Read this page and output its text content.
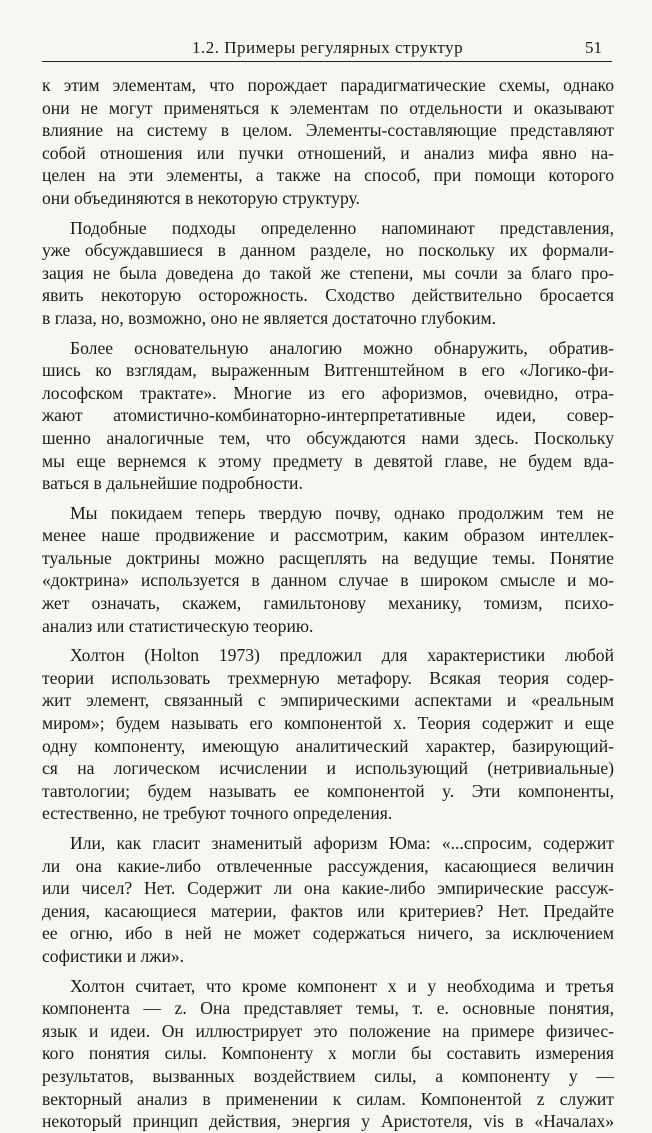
1.2. Примеры регулярных структур	51
к этим элементам, что порождает парадигматические схемы, однако
они не могут применяться к элементам по отдельности и оказывают
влияние на систему в целом. Элементы-составляющие представляют
собой отношения или пучки отношений, и анализ мифа явно на-
целен на эти элементы, а также на способ, при помощи которого
они объединяются в некоторую структуру.
Подобные подходы определенно напоминают представления,
уже обсуждавшиеся в данном разделе, но поскольку их формали-
зация не была доведена до такой же степени, мы сочли за благо про-
явить некоторую осторожность. Сходство действительно бросается
в глаза, но, возможно, оно не является достаточно глубоким.
Более основательную аналогию можно обнаружить, обратив-
шись ко взглядам, выраженным Витгенштейном в его «Логико-фи-
лософском трактате». Многие из его афоризмов, очевидно, отра-
жают атомистично-комбинаторно-интерпретативные идеи, совер-
шенно аналогичные тем, что обсуждаются нами здесь. Поскольку
мы еще вернемся к этому предмету в девятой главе, не будем вда-
ваться в дальнейшие подробности.
Мы покидаем теперь твердую почву, однако продолжим тем не
менее наше продвижение и рассмотрим, каким образом интеллек-
туальные доктрины можно расщеплять на ведущие темы. Понятие
«доктрина» используется в данном случае в широком смысле и мо-
жет означать, скажем, гамильтонову механику, томизм, психо-
анализ или статистическую теорию.
Холтон (Holton 1973) предложил для характеристики любой
теории использовать трехмерную метафору. Всякая теория содер-
жит элемент, связанный с эмпирическими аспектами и «реальным
миром»; будем называть его компонентой x. Теория содержит и еще
одну компоненту, имеющую аналитический характер, базирующий-
ся на логическом исчислении и использующий (нетривиальные)
тавтологии; будем называть ее компонентой y. Эти компоненты,
естественно, не требуют точного определения.
Или, как гласит знаменитый афоризм Юма: «...спросим, содержит
ли она какие-либо отвлеченные рассуждения, касающиеся величин
или чисел? Нет. Содержит ли она какие-либо эмпирические рассуж-
дения, касающиеся материи, фактов или критериев? Нет. Предайте
ее огню, ибо в ней не может содержаться ничего, за исключением
софистики и лжи».
Холтон считает, что кроме компонент x и y необходима и третья
компонента — z. Она представляет темы, т. е. основные понятия,
язык и идеи. Он иллюстрирует это положение на примере физичес-
кого понятия силы. Компоненту x могли бы составить измерения
результатов, вызванных воздействием силы, а компоненту y —
векторный анализ в применении к силам. Компонентой z служит
некоторый принцип действия, энергия у Аристотеля, vis в «Началах»
